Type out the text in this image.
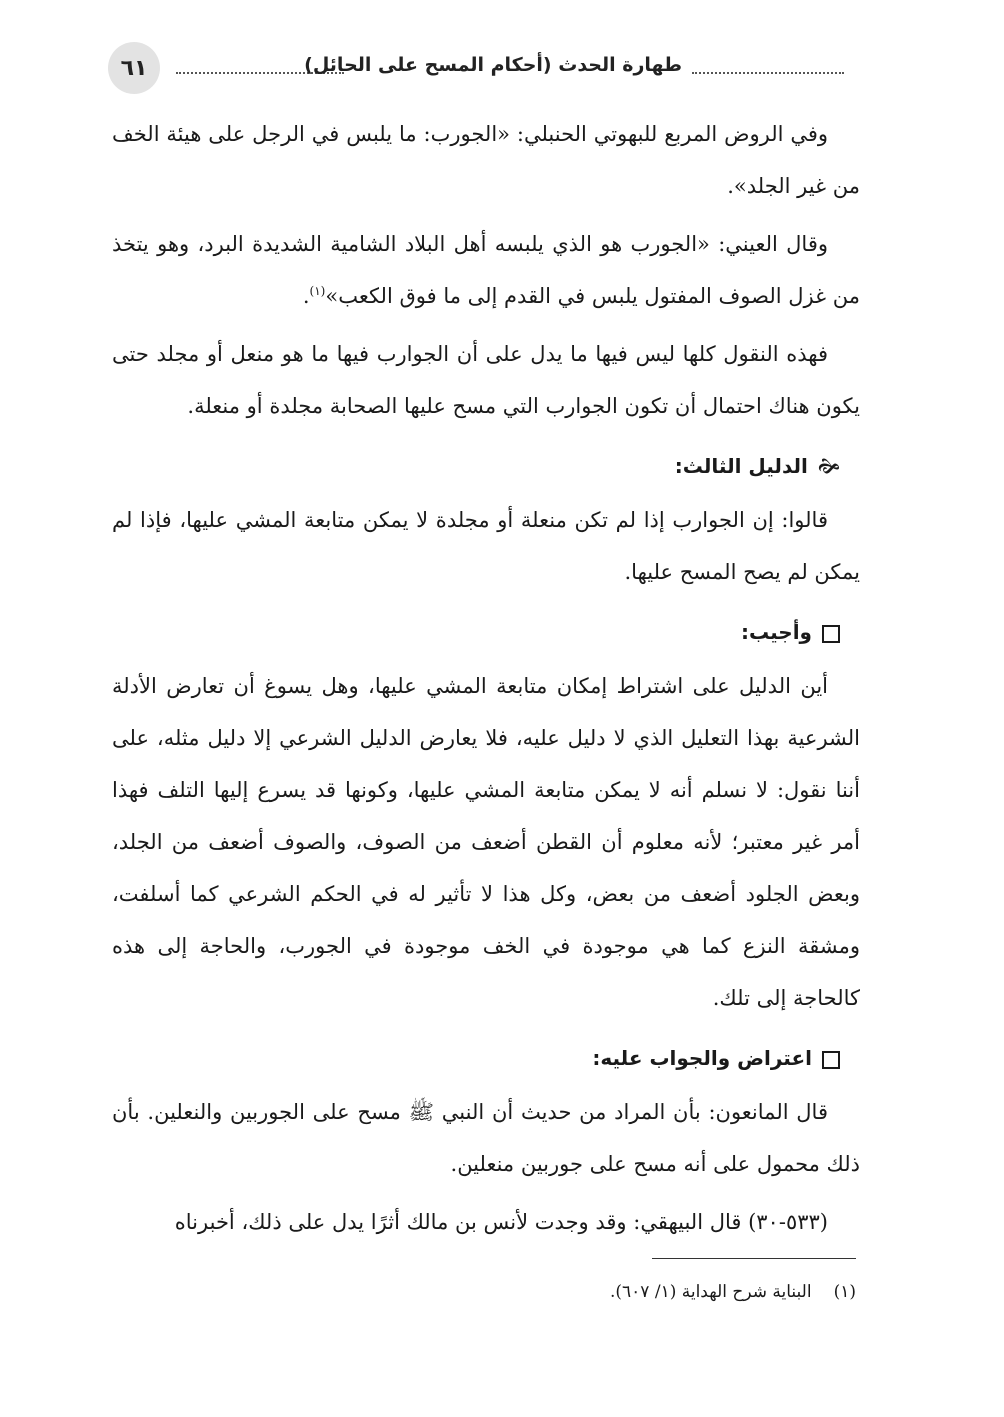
٦١	طهارة الحدث (أحكام المسح على الحائل)

وفي الروض المربع للبهوتي الحنبلي: «الجورب: ما يلبس في الرجل على هيئة الخف من غير الجلد».

وقال العيني: «الجورب هو الذي يلبسه أهل البلاد الشامية الشديدة البرد، وهو يتخذ من غزل الصوف المفتول يلبس في القدم إلى ما فوق الكعب»$^{(١)}$.

فهذه النقول كلها ليس فيها ما يدل على أن الجوارب فيها ما هو منعل أو مجلد حتى يكون هناك احتمال أن تكون الجوارب التي مسح عليها الصحابة مجلدة أو منعلة.

🙞الدليل الثالث:

قالوا: إن الجوارب إذا لم تكن منعلة أو مجلدة لا يمكن متابعة المشي عليها، فإذا لم يمكن لم يصح المسح عليها.

وأجيب:

أين الدليل على اشتراط إمكان متابعة المشي عليها، وهل يسوغ أن تعارض الأدلة الشرعية بهذا التعليل الذي لا دليل عليه، فلا يعارض الدليل الشرعي إلا دليل مثله، على أننا نقول: لا نسلم أنه لا يمكن متابعة المشي عليها، وكونها قد يسرع إليها التلف فهذا أمر غير معتبر؛ لأنه معلوم أن القطن أضعف من الصوف، والصوف أضعف من الجلد، وبعض الجلود أضعف من بعض، وكل هذا لا تأثير له في الحكم الشرعي كما أسلفت، ومشقة النزع كما هي موجودة في الخف موجودة في الجورب، والحاجة إلى هذه كالحاجة إلى تلك.

اعتراض والجواب عليه:

قال المانعون: بأن المراد من حديث أن النبي ﷺ مسح على الجوربين والنعلين. بأن ذلك محمول على أنه مسح على جوربين منعلين.

(٥٣٣-٣٠) قال البيهقي: وقد وجدت لأنس بن مالك أثرًا يدل على ذلك، أخبرناه

(١)البناية شرح الهداية (١/ ٦٠٧).
